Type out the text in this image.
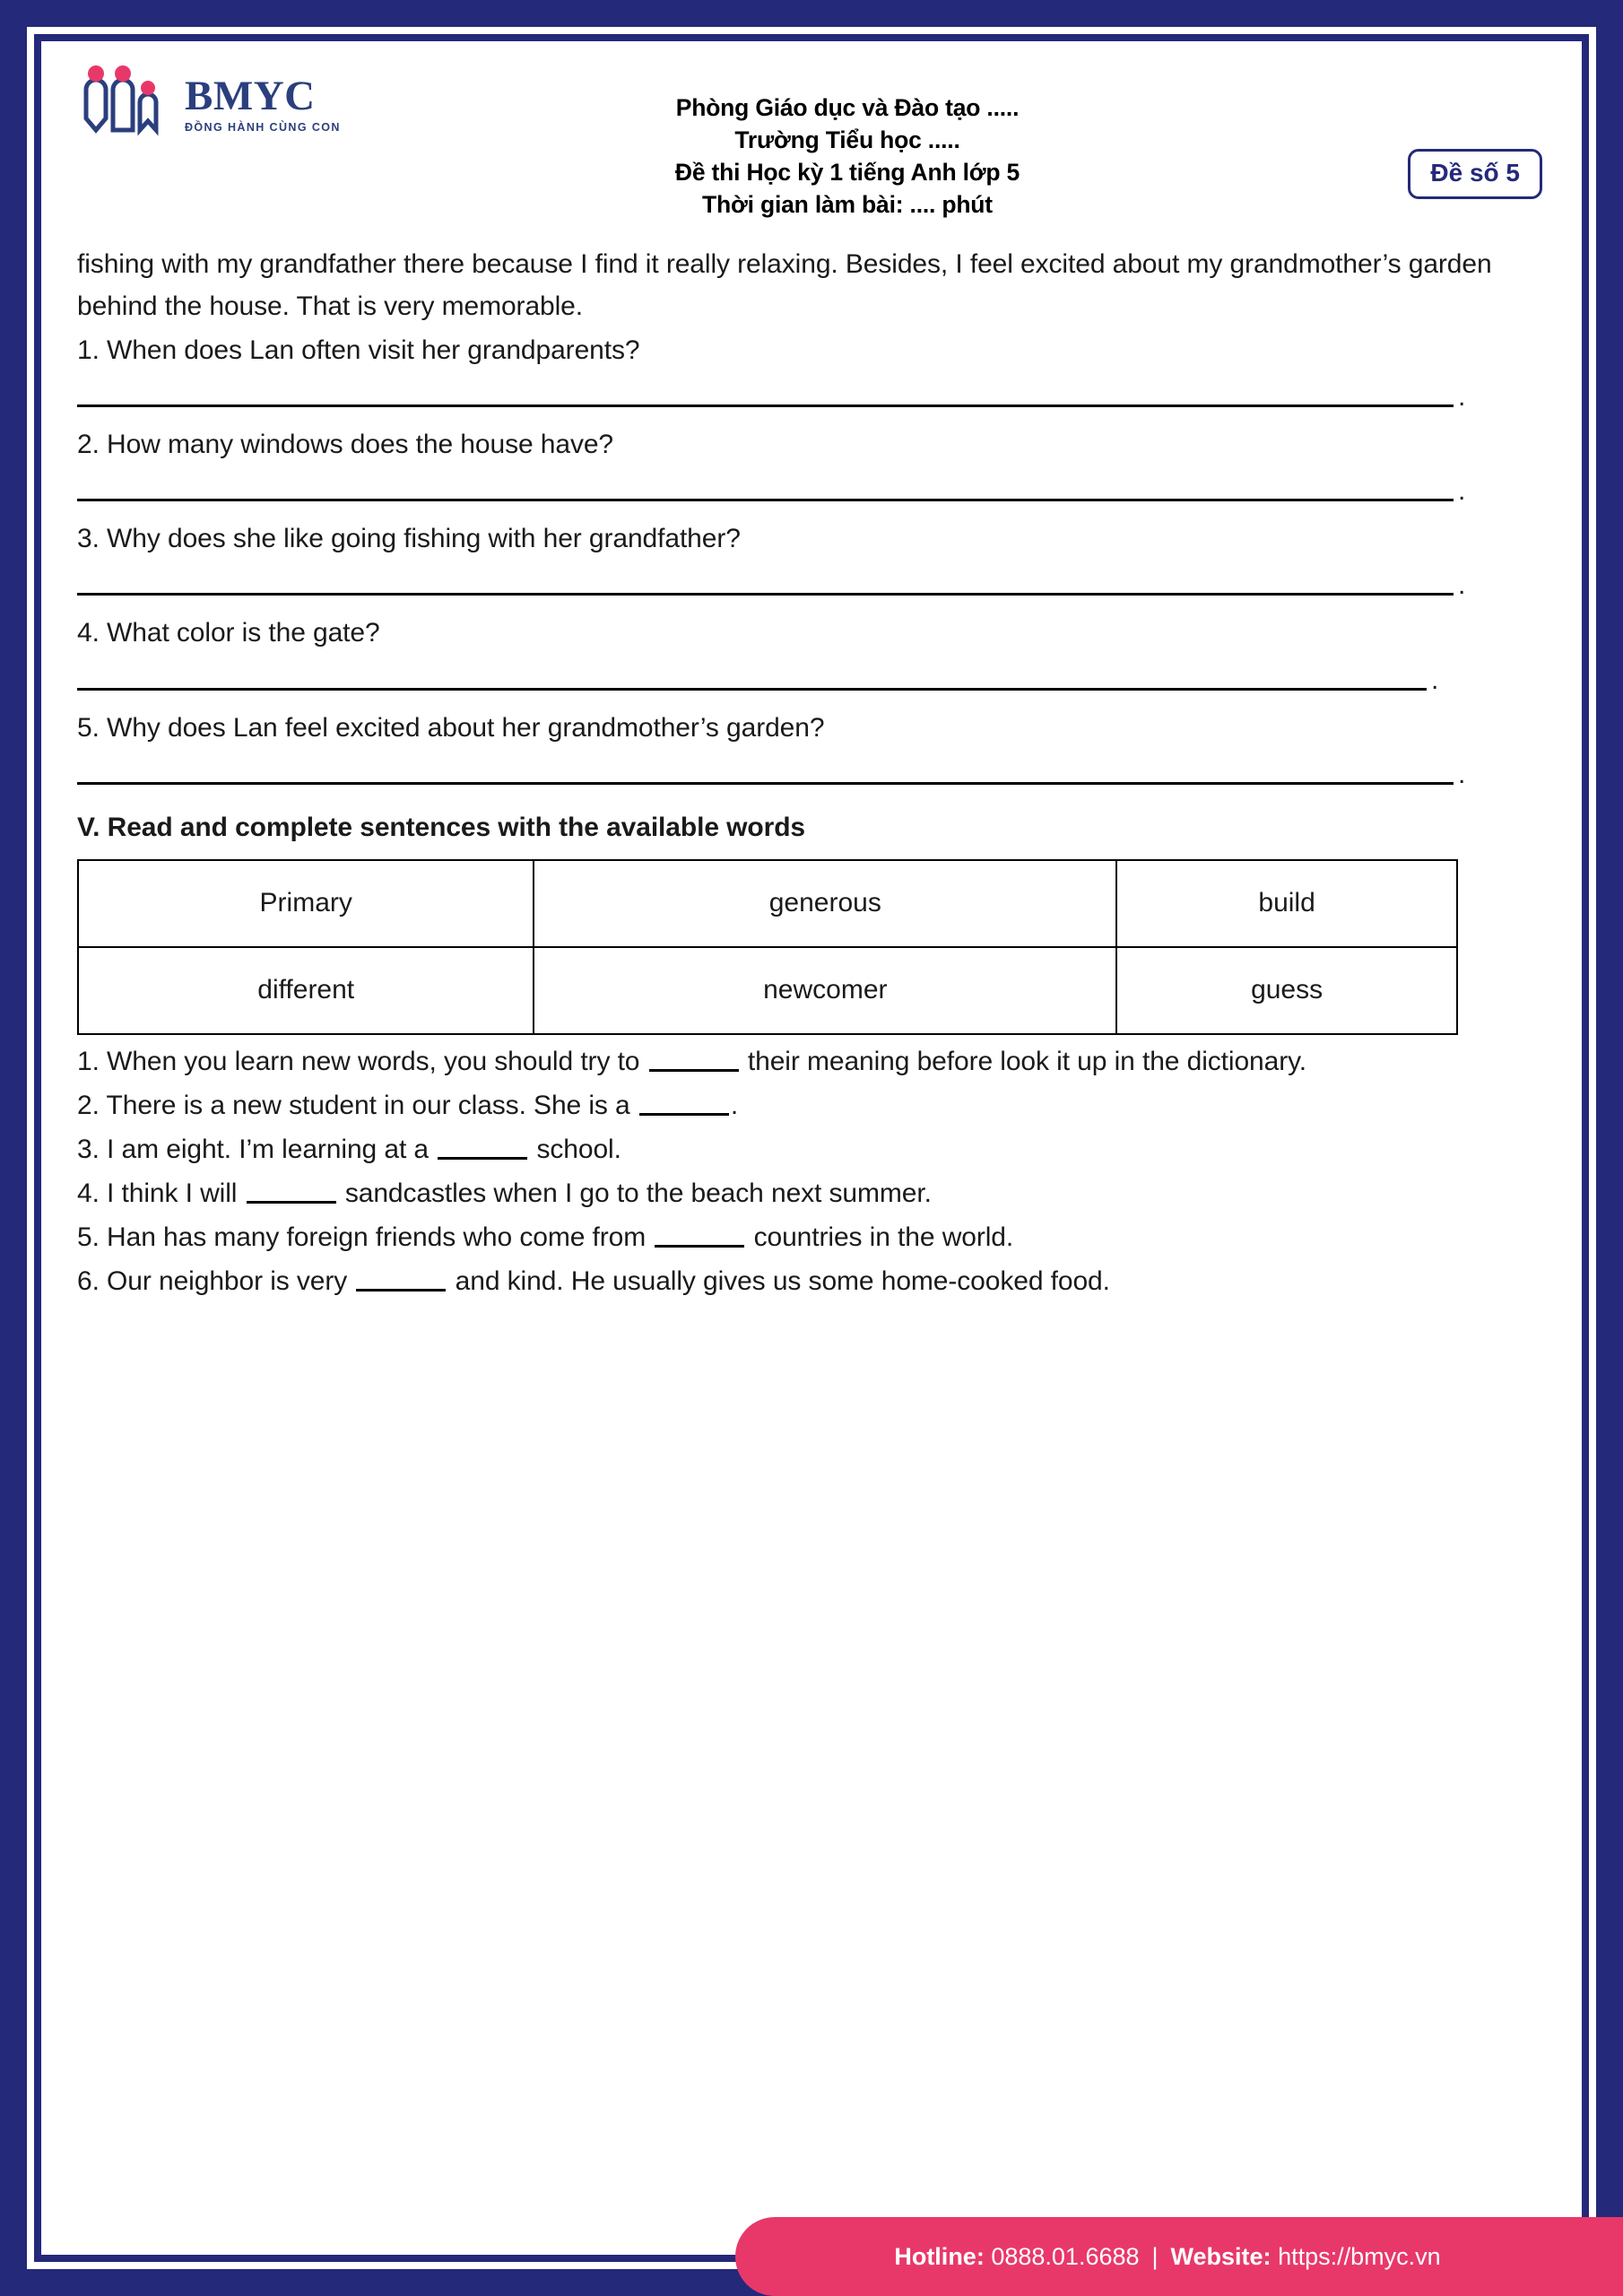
BMYC
ĐỒNG HÀNH CÙNG CON
Phòng Giáo dục và Đào tạo .....
Trường Tiểu học .....
Đề thi Học kỳ 1 tiếng Anh lớp 5
Thời gian làm bài: .... phút
Đề số 5
fishing with my grandfather there because I find it really relaxing. Besides, I feel excited about my grandmother’s garden behind the house. That is very memorable.
1. When does Lan often visit her grandparents?
.
2. How many windows does the house have?
.
3. Why does she like going fishing with her grandfather?
.
4. What color is the gate?
.
5. Why does Lan feel excited about her grandmother’s garden?
.
V. Read and complete sentences with the available words
Primary	generous	build
different	newcomer	guess
1. When you learn new words, you should try to	their meaning before look it up in the dictionary.
2. There is a new student in our class. She is a	.
3. I am eight. I’m learning at a	school.
4. I think I will	sandcastles when I go to the beach next summer.
5. Han has many foreign friends who come from	countries in the world.
6. Our neighbor is very	and kind. He usually gives us some home-cooked food.
Hotline:
0888.01.6688 | Website:
https://bmyc.vn
